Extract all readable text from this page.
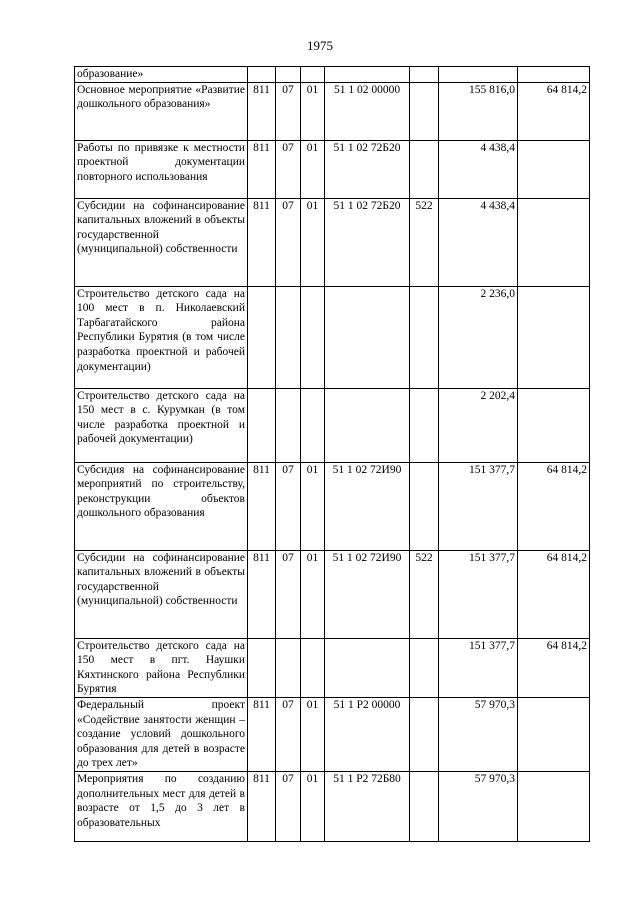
1975
образование»							

Основное мероприятие «Развитие дошкольного образования»	811	07	01	51 1 02 00000		155 816,0	64 814,2

Работы по привязке к местности проектной документации повторного использования	811	07	01	51 1 02 72Б20		4 438,4	

Субсидии на софинансирование капитальных вложений в объекты государственной (муниципальной) собственности	811	07	01	51 1 02 72Б20	522	4 438,4	

Строительство детского сада на 100 мест в п. Николаевский Тарбагатайского района Республики Бурятия (в том числе разработка проектной и рабочей документации)						2 236,0	

Строительство детского сада на 150 мест в с. Курумкан (в том числе разработка проектной и рабочей документации)						2 202,4	

Субсидия на софинансирование мероприятий по строительству, реконструкции объектов дошкольного образования	811	07	01	51 1 02 72И90		151 377,7	64 814,2

Субсидии на софинансирование капитальных вложений в объекты государственной (муниципальной) собственности	811	07	01	51 1 02 72И90	522	151 377,7	64 814,2

Строительство детского сада на 150 мест в пгт. Наушки Кяхтинского района Республики Бурятия						151 377,7	64 814,2

Федеральный проект «Содействие занятости женщин – создание условий дошкольного образования для детей в возрасте до трех лет»	811	07	01	51 1 P2 00000		57 970,3	

Мероприятия по созданию дополнительных мест для детей в возрасте от 1,5 до 3 лет в образовательных	811	07	01	51 1 P2 72Б80		57 970,3	
